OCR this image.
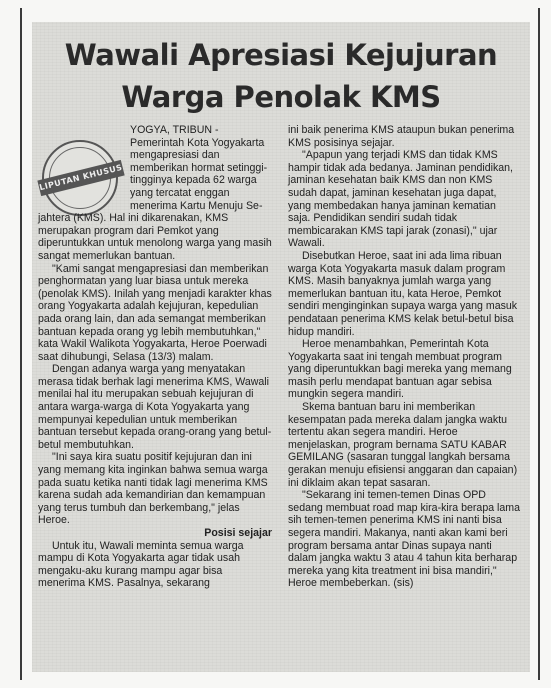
Wawali Apresiasi Kejujuran
Warga Penolak KMS
LIPUTAN KHUSUS

YOGYA, TRIBUN - Pemerintah Kota Yogyakarta mengapresiasi dan memberikan hormat setinggi-tingginya kepada 62 warga yang tercatat enggan menerima Kartu Menuju Se-

jahtera (KMS). Hal ini dikarenakan, KMS merupakan program dari Pemkot yang diperuntukkan untuk menolong warga yang masih sangat memerlukan bantuan.

"Kami sangat mengapresiasi dan memberikan penghormatan yang luar biasa untuk mereka (penolak KMS). Inilah yang menjadi karakter khas orang Yogyakarta adalah kejujuran, kepedulian pada orang lain, dan ada semangat memberikan bantuan kepada orang yg lebih membutuhkan," kata Wakil Walikota Yogyakarta, Heroe Poerwadi saat dihubungi, Selasa (13/3) malam.

Dengan adanya warga yang menyatakan merasa tidak berhak lagi menerima KMS, Wawali menilai hal itu merupakan sebuah kejujuran di antara warga-warga di Kota Yogyakarta yang mempunyai kepedulian untuk memberikan bantuan tersebut kepada orang-orang yang betul-betul membutuhkan.

"Ini saya kira suatu positif kejujuran dan ini yang memang kita inginkan bahwa semua warga pada suatu ketika nanti tidak lagi menerima KMS karena sudah ada kemandirian dan kemampuan yang terus tumbuh dan berkembang," jelas Heroe.

Posisi sejajar

Untuk itu, Wawali meminta semua warga mampu di Kota Yogyakarta agar tidak usah mengaku-aku kurang mampu agar bisa menerima KMS. Pasalnya, sekarang

ini baik penerima KMS ataupun bukan penerima KMS posisinya sejajar.

"Apapun yang terjadi KMS dan tidak KMS hampir tidak ada bedanya. Jaminan pendidikan, jaminan kesehatan baik KMS dan non KMS sudah dapat, jaminan kesehatan juga dapat, yang membedakan hanya jaminan kematian saja. Pendidikan sendiri sudah tidak membicarakan KMS tapi jarak (zonasi)," ujar Wawali.

Disebutkan Heroe, saat ini ada lima ribuan warga Kota Yogyakarta masuk dalam program KMS. Masih banyaknya jumlah warga yang memerlukan bantuan itu, kata Heroe, Pemkot sendiri menginginkan supaya warga yang masuk pendataan penerima KMS kelak betul-betul bisa hidup mandiri.

Heroe menambahkan, Pemerintah Kota Yogyakarta saat ini tengah membuat program yang diperuntukkan bagi mereka yang memang masih perlu mendapat bantuan agar sebisa mungkin segera mandiri.

Skema bantuan baru ini memberikan kesempatan pada mereka dalam jangka waktu tertentu akan segera mandiri. Heroe menjelaskan, program bernama SATU KABAR GEMILANG (sasaran tunggal langkah bersama gerakan menuju efisiensi anggaran dan capaian) ini diklaim akan tepat sasaran.

"Sekarang ini temen-temen Dinas OPD sedang membuat road map kira-kira berapa lama sih temen-temen penerima KMS ini nanti bisa segera mandiri. Makanya, nanti akan kami beri program bersama antar Dinas supaya nanti dalam jangka waktu 3 atau 4 tahun kita berharap mereka yang kita treatment ini bisa mandiri," Heroe membeberkan. (sis)
